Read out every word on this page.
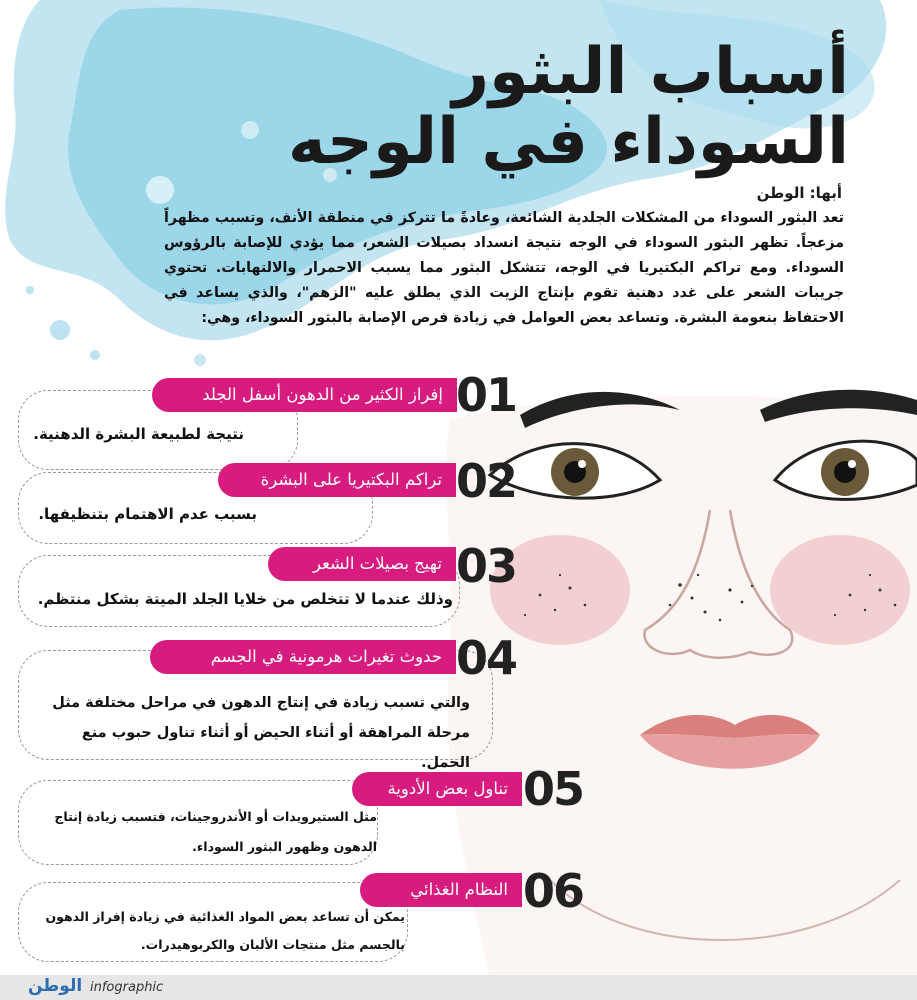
أسباب البثور
السوداء في الوجه
أبها: الوطن

تعد البثور السوداء من المشكلات الجلدية الشائعة، وعادةً ما تتركز في منطقة الأنف، وتسبب مظهراً مزعجاً. تظهر البثور السوداء في الوجه نتيجة انسداد بصيلات الشعر، مما يؤدي للإصابة بالرؤوس السوداء. ومع تراكم البكتيريا في الوجه، تتشكل البثور مما يسبب الاحمرار والالتهابات. تحتوي جريبات الشعر على غدد دهنية تقوم بإنتاج الزيت الذي يطلق عليه "الزهم"، والذي يساعد في الاحتفاظ بنعومة البشرة. وتساعد بعض العوامل في زيادة فرص الإصابة بالبثور السوداء، وهي:

إفراز الكثير من الدهون أسفل الجلد 01

نتيجة لطبيعة البشرة الدهنية.

تراكم البكتيريا على البشرة 02

بسبب عدم الاهتمام بتنظيفها.

تهيج بصيلات الشعر 03

وذلك عندما لا تتخلص من خلايا الجلد الميتة بشكل منتظم.

حدوث تغيرات هرمونية في الجسم 04

والتي تسبب زيادة في إنتاج الدهون في مراحل مختلفة مثل مرحلة المراهقة أو أثناء الحيض أو أثناء تناول حبوب منع الحمل.

تناول بعض الأدوية 05

مثل الستيرويدات أو الأندروجينات، فتسبب زيادة إنتاج الدهون وظهور البثور السوداء.

النظام الغذائي 06

يمكن أن تساعد بعض المواد الغذائية في زيادة إفراز الدهون بالجسم مثل منتجات الألبان والكربوهيدرات.

الوطن infographic
